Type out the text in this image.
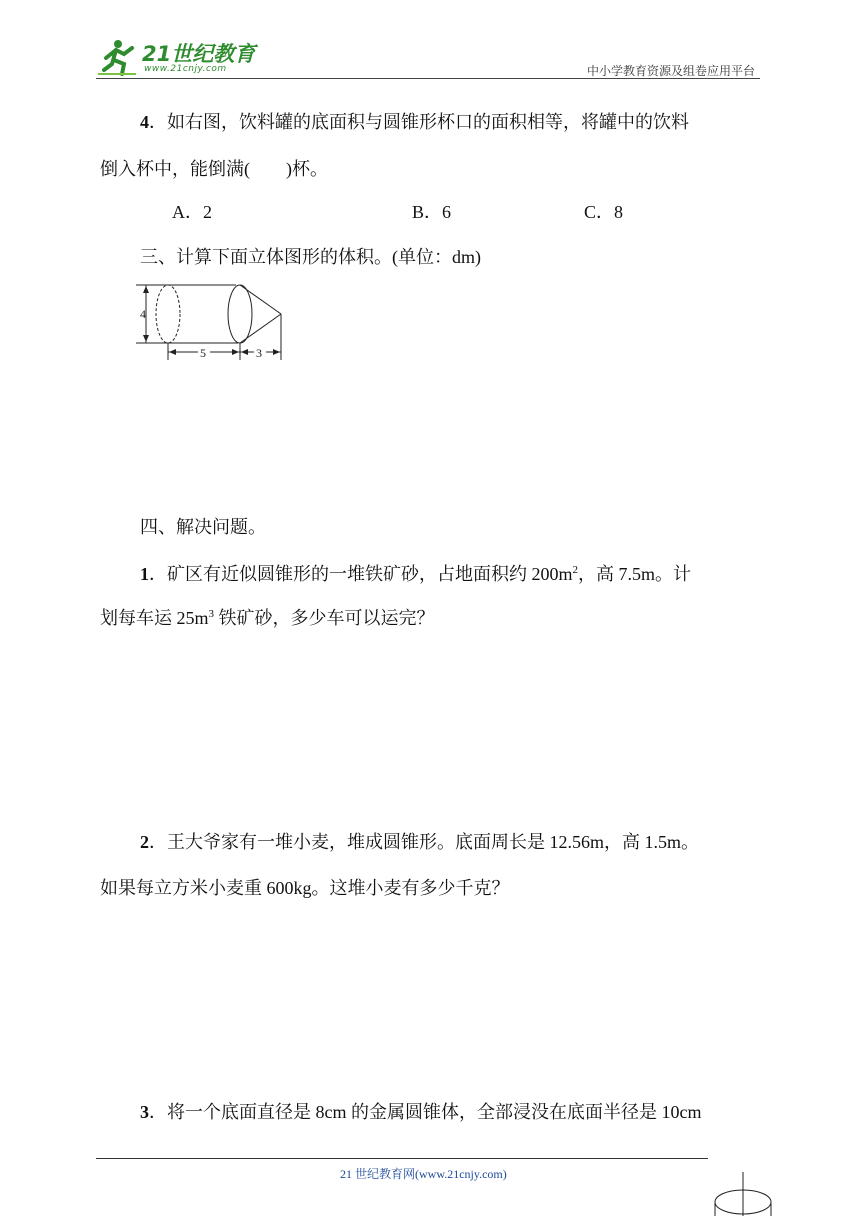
21世纪教育
www.21cnjy.com	中小学教育资源及组卷应用平台
4．如右图，饮料罐的底面积与圆锥形杯口的面积相等，将罐中的饮料
倒入杯中，能倒满(　　)杯。
A．2	B．6	C．8
三、计算下面立体图形的体积。(单位：dm)
4
5	3
四、解决问题。
1．矿区有近似圆锥形的一堆铁矿砂，占地面积约 $200m^2$，高 7.5m。计
划每车运 $25m^3$ 铁矿砂，多少车可以运完？
2．王大爷家有一堆小麦，堆成圆锥形。底面周长是 12.56m，高 1.5m。
如果每立方米小麦重 600kg。这堆小麦有多少千克？
3．将一个底面直径是 8cm 的金属圆锥体，全部浸没在底面半径是 10cm
21 世纪教育网(www.21cnjy.com)
